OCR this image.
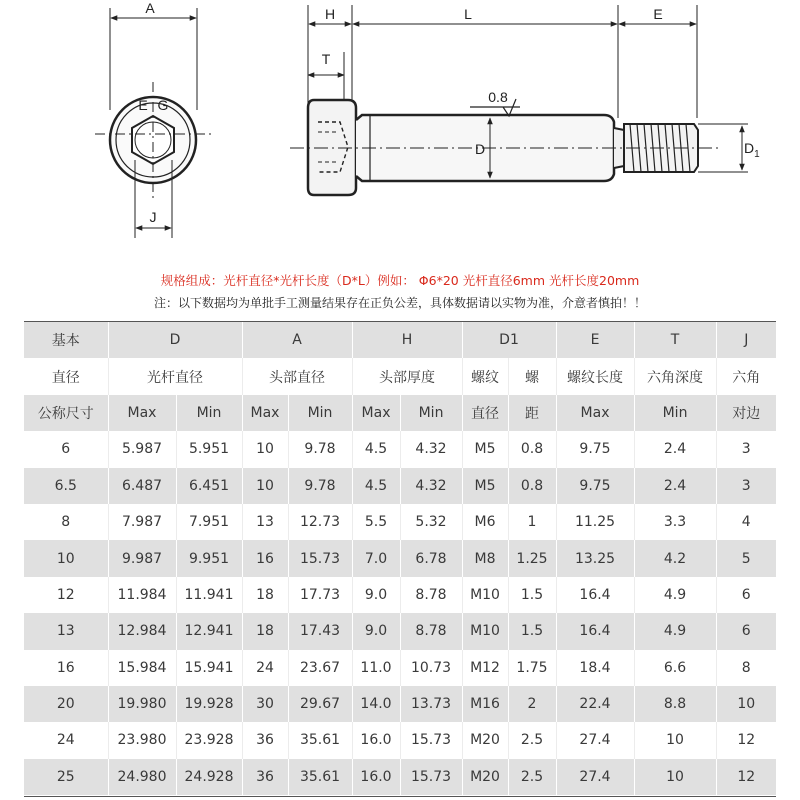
A
E G
J
H	L	E
T
0.8
D	$D_1$
规格组成：光杆直径*光杆长度（D*L）例如： Φ6*20 光杆直径6mm 光杆长度20mm
注：以下数据均为单批手工测量结果存在正负公差，具体数据请以实物为准，介意者慎拍！！
基本	D		A		H		D1		E	T	J
直径	光杆直径		头部直径		头部厚度		螺纹	螺	螺纹长度	六角深度	六角
公称尺寸	Max	Min	Max	Min	Max	Min	直径	距	Max	Min	对边
6	5.987	5.951	10	9.78	4.5	4.32	M5	0.8	9.75	2.4	3
6.5	6.487	6.451	10	9.78	4.5	4.32	M5	0.8	9.75	2.4	3
8	7.987	7.951	13	12.73	5.5	5.32	M6	1	11.25	3.3	4
10	9.987	9.951	16	15.73	7.0	6.78	M8	1.25	13.25	4.2	5
12	11.984	11.941	18	17.73	9.0	8.78	M10	1.5	16.4	4.9	6
13	12.984	12.941	18	17.43	9.0	8.78	M10	1.5	16.4	4.9	6
16	15.984	15.941	24	23.67	11.0	10.73	M12	1.75	18.4	6.6	8
20	19.980	19.928	30	29.67	14.0	13.73	M16	2	22.4	8.8	10
24	23.980	23.928	36	35.61	16.0	15.73	M20	2.5	27.4	10	12
25	24.980	24.928	36	35.61	16.0	15.73	M20	2.5	27.4	10	12
